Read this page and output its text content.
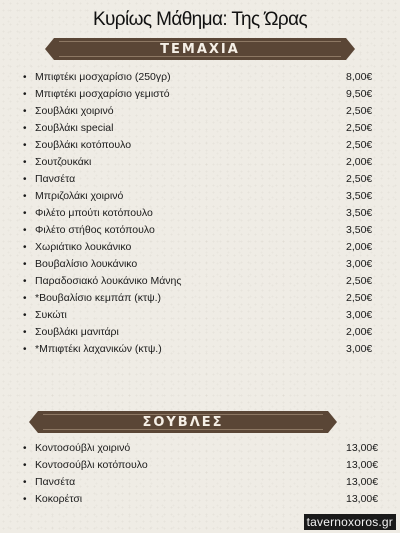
Κυρίως Μάθημα: Της Ώρας
ΤΕΜΑΧΙΑ
• Μπιφτέκι μοσχαρίσιο (250γρ)	8,00€
• Μπιφτέκι μοσχαρίσιο γεμιστό	9,50€
• Σουβλάκι χοιρινό	2,50€
• Σουβλάκι special	2,50€
• Σουβλάκι κοτόπουλο	2,50€
• Σουτζουκάκι	2,00€
• Πανσέτα	2,50€
• Μπριζολάκι χοιρινό	3,50€
• Φιλέτο μπούτι κοτόπουλο	3,50€
• Φιλέτο στήθος κοτόπουλο	3,50€
• Χωριάτικο λουκάνικο	2,00€
• Βουβαλίσιο λουκάνικο	3,00€
• Παραδοσιακό λουκάνικο Μάνης	2,50€
• *Βουβαλίσιο κεμπάπ (κτψ.)	2,50€
• Συκώτι	3,00€
• Σουβλάκι μανιτάρι	2,00€
• *Μπιφτέκι λαχανικών (κτψ.)	3,00€
ΣΟΥΒΛΕΣ
• Κοντοσούβλι χοιρινό	13,00€
• Κοντοσούβλι κοτόπουλο	13,00€
• Πανσέτα	13,00€
• Κοκορέτσι	13,00€
tavernoxoros.gr
